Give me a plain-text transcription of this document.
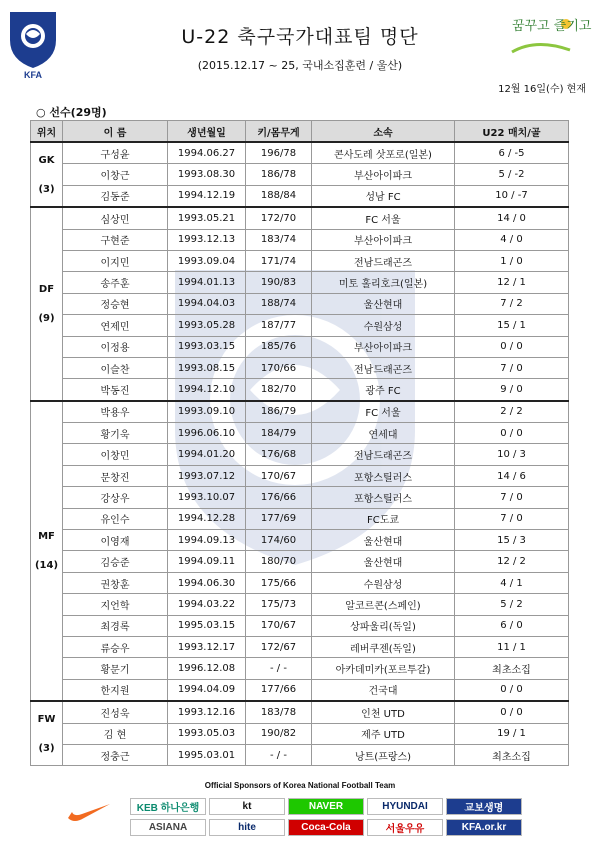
KFA
U-22 축구국가대표팀 명단
(2015.12.17 ~ 25, 국내소집훈련 / 울산)
꿈꾸고 즐기고
12월 16일(수) 현재
○ 선수(29명)
위치	이 름	생년월일	키/몸무게	소속	U22 매치/골

GK
(3)	구성윤	1994.06.27	196/78	콘사도레 삿포로(일본)	6 / -5
	이창근	1993.08.30	186/78	부산아이파크	5 / -2
	김동준	1994.12.19	188/84	성남 FC	10 / -7

DF
(9)	심상민	1993.05.21	172/70	FC 서울	14 / 0
	구현준	1993.12.13	183/74	부산아이파크	4 / 0
	이지민	1993.09.04	171/74	전남드래곤즈	1 / 0
	송주훈	1994.01.13	190/83	미토 홀리호크(일본)	12 / 1
	정승현	1994.04.03	188/74	울산현대	7 / 2
	연제민	1993.05.28	187/77	수원삼성	15 / 1
	이정용	1993.03.15	185/76	부산아이파크	0 / 0
	이슬찬	1993.08.15	170/66	전남드래곤즈	7 / 0
	박동진	1994.12.10	182/70	광주 FC	9 / 0

MF
(14)	박용우	1993.09.10	186/79	FC 서울	2 / 2
	황기욱	1996.06.10	184/79	연세대	0 / 0
	이창민	1994.01.20	176/68	전남드래곤즈	10 / 3
	문창진	1993.07.12	170/67	포항스틸러스	14 / 6
	강상우	1993.10.07	176/66	포항스틸러스	7 / 0
	유인수	1994.12.28	177/69	FC도쿄	7 / 0
	이영재	1994.09.13	174/60	울산현대	15 / 3
	김승준	1994.09.11	180/70	울산현대	12 / 2
	권창훈	1994.06.30	175/66	수원삼성	4 / 1
	지언학	1994.03.22	175/73	알코르콘(스페인)	5 / 2
	최경록	1995.03.15	170/67	상파울리(독일)	6 / 0
	류승우	1993.12.17	172/67	레버쿠젠(독일)	11 / 1
	황문기	1996.12.08	- / -	아카데미카(포르투갈)	최초소집
	한지원	1994.04.09	177/66	건국대	0 / 0

FW
(3)	진성욱	1993.12.16	183/78	인천 UTD	0 / 0
	김 현	1993.05.03	190/82	제주 UTD	19 / 1
	정충근	1995.03.01	- / -	낭트(프랑스)	최초소집
Official Sponsors of Korea National Football Team
KEB 하나은행	kt	NAVER	HYUNDAI	교보생명
ASIANA	hite	Coca-Cola	서울우유	KFA.or.kr
